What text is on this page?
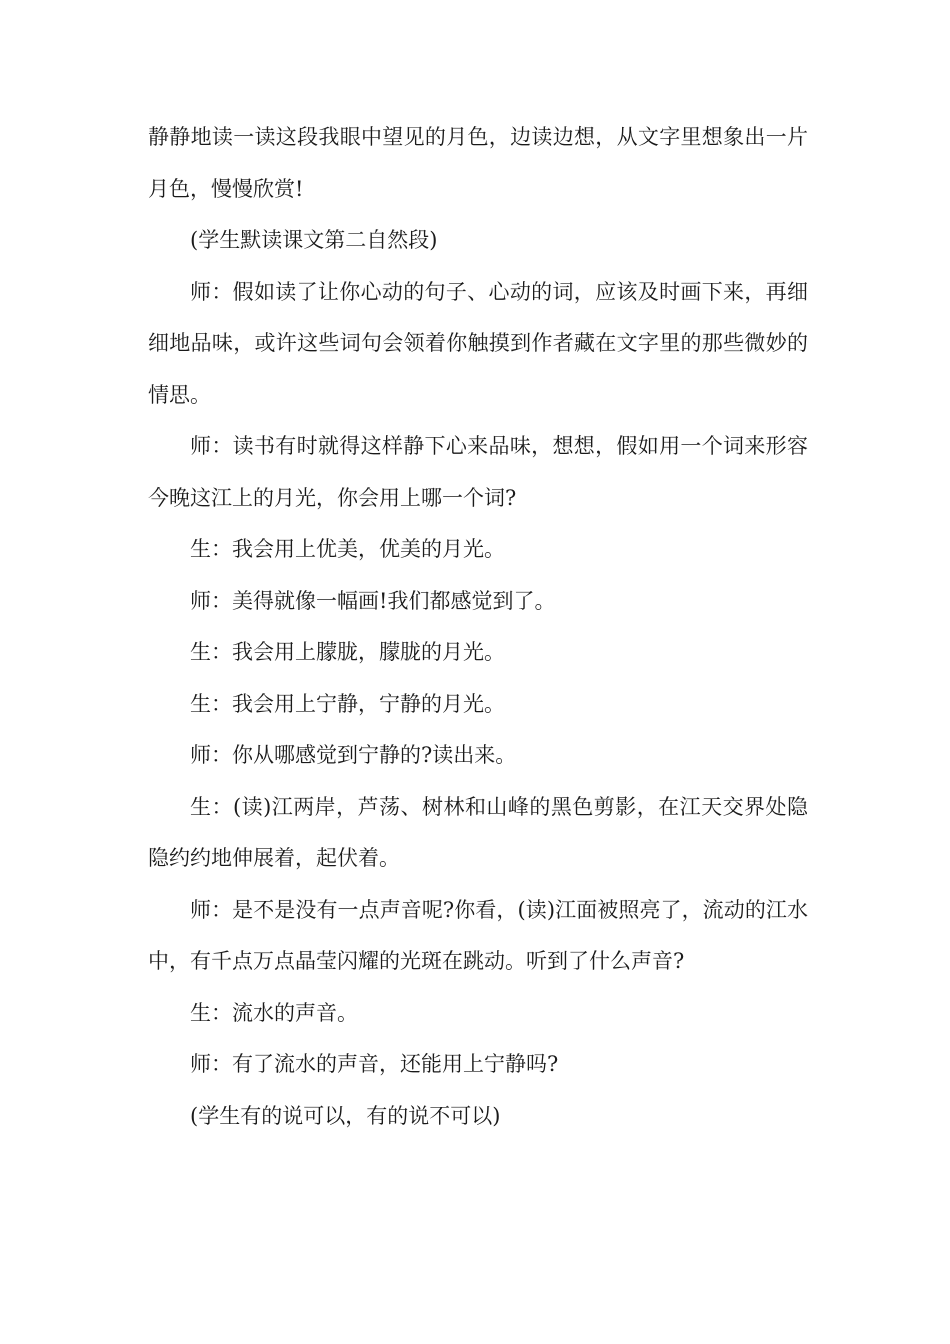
静静地读一读这段我眼中望见的月色，边读边想，从文字里想象出一片月色，慢慢欣赏!

(学生默读课文第二自然段)

师：假如读了让你心动的句子、心动的词，应该及时画下来，再细细地品味，或许这些词句会领着你触摸到作者藏在文字里的那些微妙的情思。

师：读书有时就得这样静下心来品味，想想，假如用一个词来形容今晚这江上的月光，你会用上哪一个词?

生：我会用上优美，优美的月光。

师：美得就像一幅画!我们都感觉到了。

生：我会用上朦胧，朦胧的月光。

生：我会用上宁静，宁静的月光。

师：你从哪感觉到宁静的?读出来。

生：(读)江两岸，芦荡、树林和山峰的黑色剪影，在江天交界处隐隐约约地伸展着，起伏着。

师：是不是没有一点声音呢?你看，(读)江面被照亮了，流动的江水中，有千点万点晶莹闪耀的光斑在跳动。听到了什么声音?

生：流水的声音。

师：有了流水的声音，还能用上宁静吗?

(学生有的说可以，有的说不可以)
